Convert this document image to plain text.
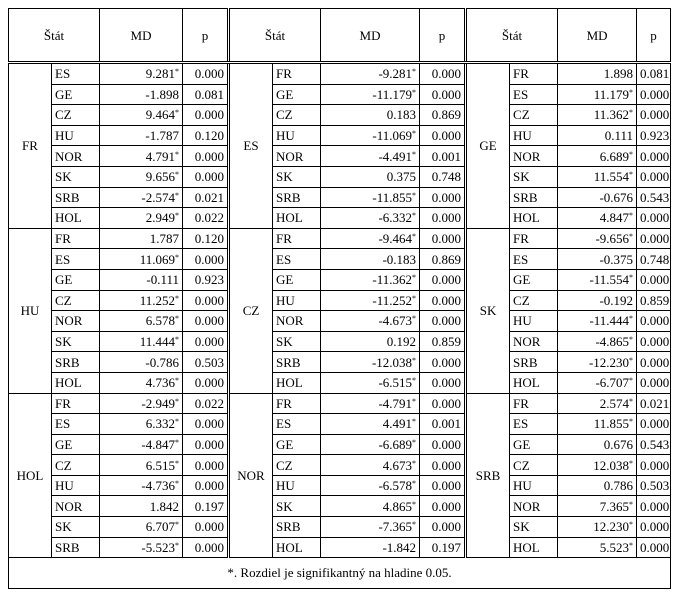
Štát		MD	p	Štát		MD	p	Štát		MD	p
FR	ES	9.281*	0.000	ES	FR	-9.281*	0.000	GE	FR	1.898	0.081
	GE	-1.898	0.081		GE	-11.179*	0.000		ES	11.179*	0.000
	CZ	9.464*	0.000		CZ	0.183	0.869		CZ	11.362*	0.000
	HU	-1.787	0.120		HU	-11.069*	0.000		HU	0.111	0.923
	NOR	4.791*	0.000		NOR	-4.491*	0.001		NOR	6.689*	0.000
	SK	9.656*	0.000		SK	0.375	0.748		SK	11.554*	0.000
	SRB	-2.574*	0.021		SRB	-11.855*	0.000		SRB	-0.676	0.543
	HOL	2.949*	0.022		HOL	-6.332*	0.000		HOL	4.847*	0.000
HU	FR	1.787	0.120	CZ	FR	-9.464*	0.000	SK	FR	-9.656*	0.000
	ES	11.069*	0.000		ES	-0.183	0.869		ES	-0.375	0.748
	GE	-0.111	0.923		GE	-11.362*	0.000		GE	-11.554*	0.000
	CZ	11.252*	0.000		HU	-11.252*	0.000		CZ	-0.192	0.859
	NOR	6.578*	0.000		NOR	-4.673*	0.000		HU	-11.444*	0.000
	SK	11.444*	0.000		SK	0.192	0.859		NOR	-4.865*	0.000
	SRB	-0.786	0.503		SRB	-12.038*	0.000		SRB	-12.230*	0.000
	HOL	4.736*	0.000		HOL	-6.515*	0.000		HOL	-6.707*	0.000
HOL	FR	-2.949*	0.022	NOR	FR	-4.791*	0.000	SRB	FR	2.574*	0.021
	ES	6.332*	0.000		ES	4.491*	0.001		ES	11.855*	0.000
	GE	-4.847*	0.000		GE	-6.689*	0.000		GE	0.676	0.543
	CZ	6.515*	0.000		CZ	4.673*	0.000		CZ	12.038*	0.000
	HU	-4.736*	0.000		HU	-6.578*	0.000		HU	0.786	0.503
	NOR	1.842	0.197		SK	4.865*	0.000		NOR	7.365*	0.000
	SK	6.707*	0.000		SRB	-7.365*	0.000		SK	12.230*	0.000
	SRB	-5.523*	0.000		HOL	-1.842	0.197		HOL	5.523*	0.000
*. Rozdiel je signifikantný na hladine 0.05.											
